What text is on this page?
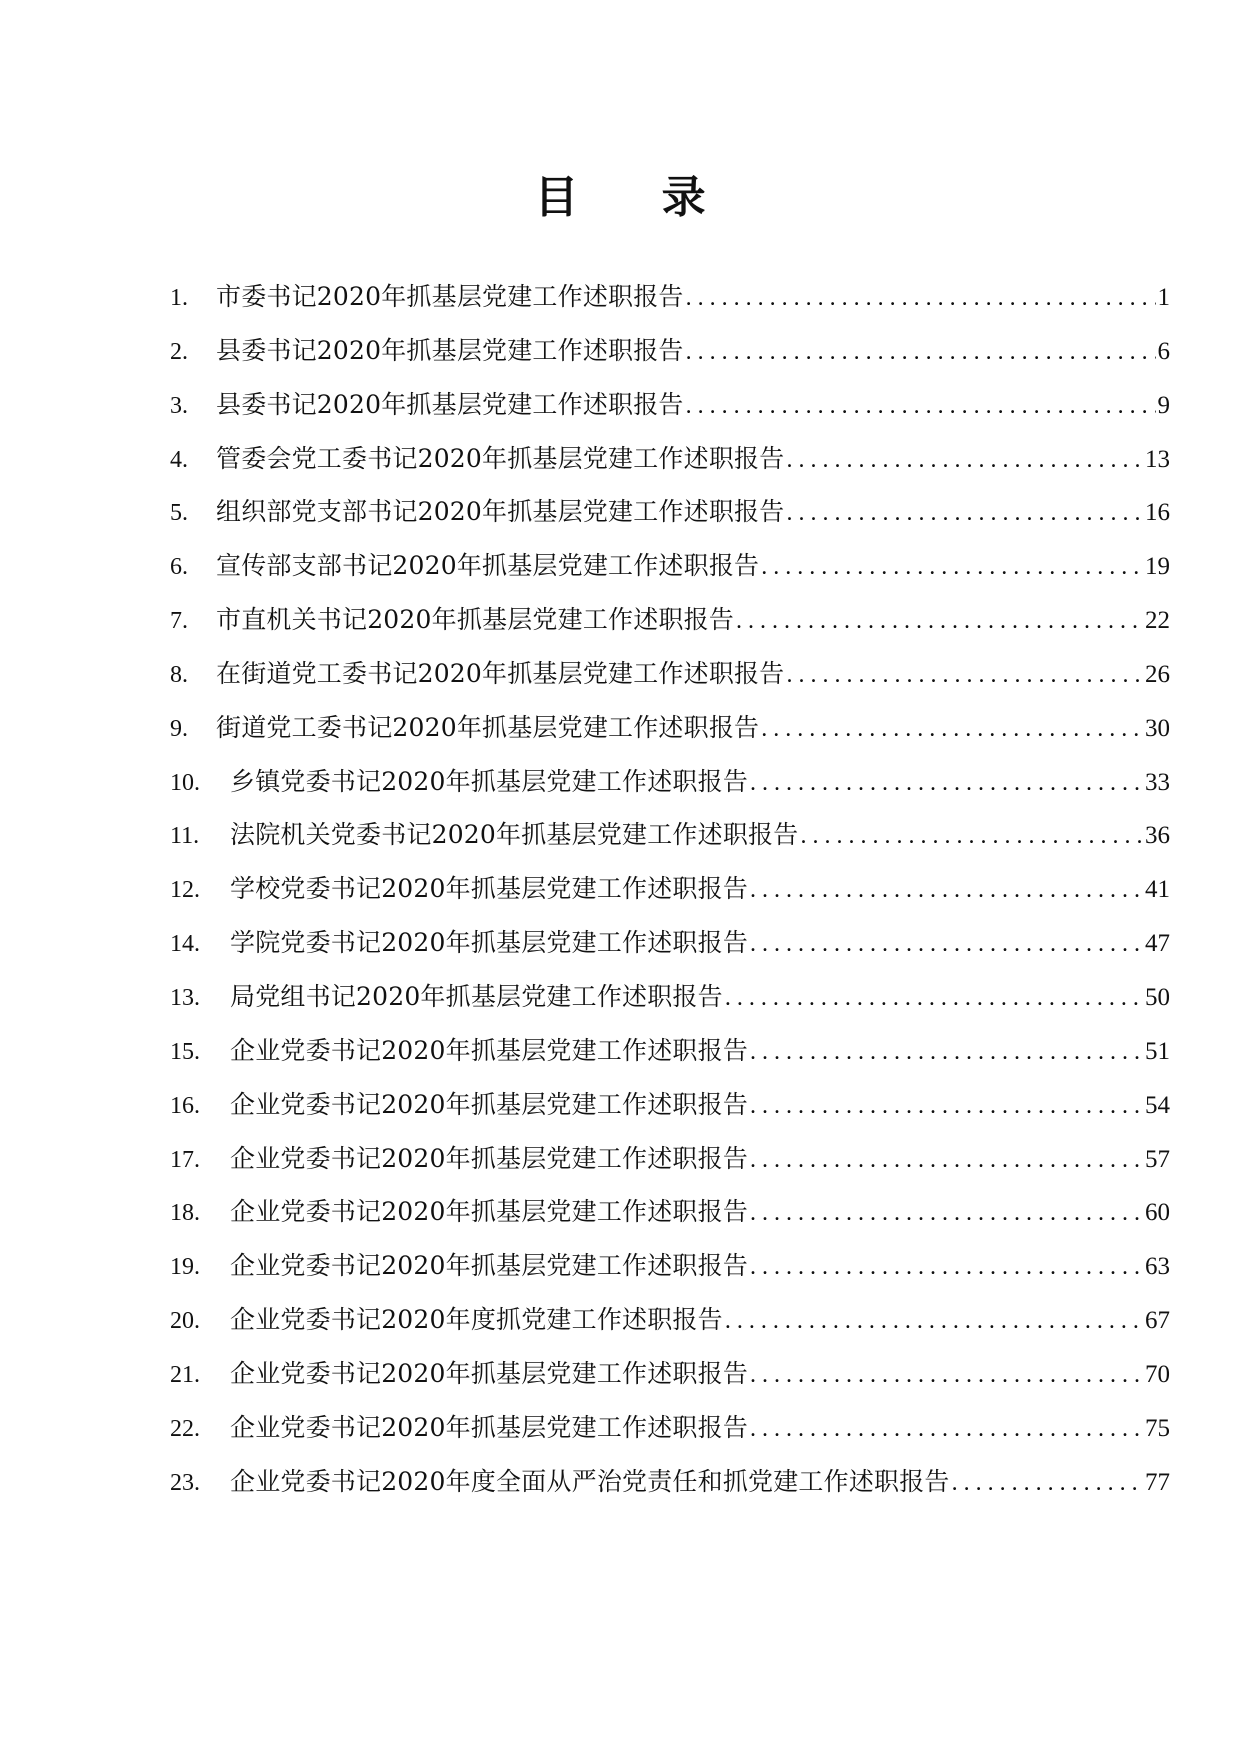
目 录
1.	市委书记2020年抓基层党建工作述职报告 .....	1
2.	县委书记2020年抓基层党建工作述职报告 .....	6
3.	县委书记2020年抓基层党建工作述职报告 .....	9
4.	管委会党工委书记2020年抓基层党建工作述职报告 .....	13
5.	组织部党支部书记2020年抓基层党建工作述职报告 .....	16
6.	宣传部支部书记2020年抓基层党建工作述职报告 .....	19
7.	市直机关书记2020年抓基层党建工作述职报告 .....	22
8.	在街道党工委书记2020年抓基层党建工作述职报告 .....	26
9.	街道党工委书记2020年抓基层党建工作述职报告 .....	30
10.	乡镇党委书记2020年抓基层党建工作述职报告 .....	33
11.	法院机关党委书记2020年抓基层党建工作述职报告 .....	36
12.	学校党委书记2020年抓基层党建工作述职报告 .....	41
14.	学院党委书记2020年抓基层党建工作述职报告 .....	47
13.	局党组书记2020年抓基层党建工作述职报告 .....	50
15.	企业党委书记2020年抓基层党建工作述职报告 .....	51
16.	企业党委书记2020年抓基层党建工作述职报告 .....	54
17.	企业党委书记2020年抓基层党建工作述职报告 .....	57
18.	企业党委书记2020年抓基层党建工作述职报告 .....	60
19.	企业党委书记2020年抓基层党建工作述职报告 .....	63
20.	企业党委书记2020年度抓党建工作述职报告 .....	67
21.	企业党委书记2020年抓基层党建工作述职报告 .....	70
22.	企业党委书记2020年抓基层党建工作述职报告 .....	75
23.	企业党委书记2020年度全面从严治党责任和抓党建工作述职报告 .....	77
